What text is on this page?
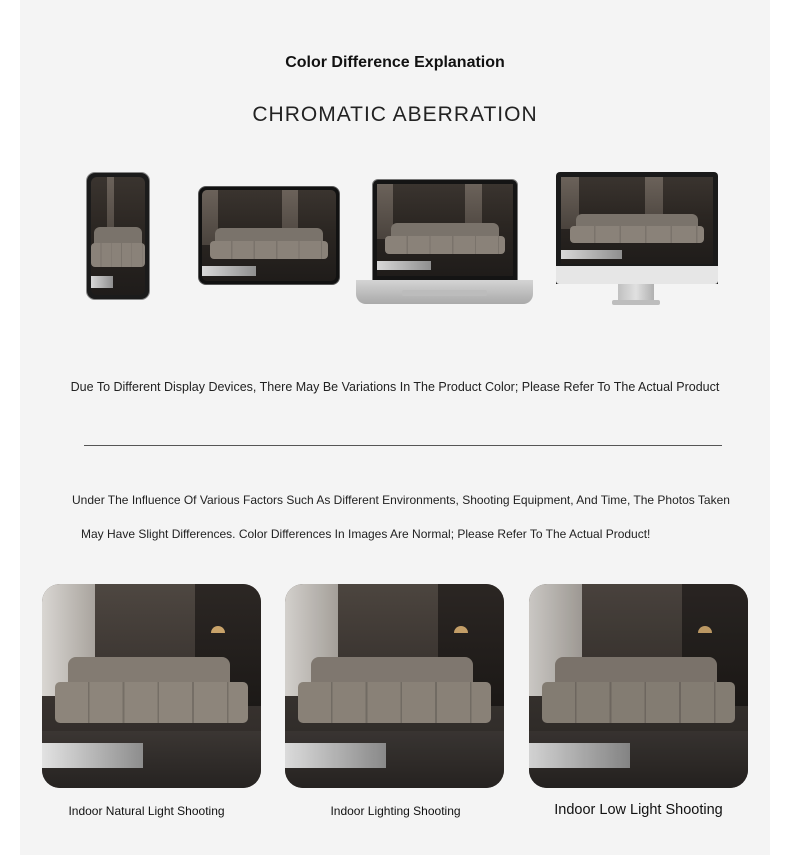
Color Difference Explanation
CHROMATIC ABERRATION
Due To Different Display Devices, There May Be Variations In The Product Color; Please Refer To The Actual Product
Under The Influence Of Various Factors Such As Different Environments, Shooting Equipment, And Time, The Photos Taken
May Have Slight Differences. Color Differences In Images Are Normal; Please Refer To The Actual Product!
Indoor Natural Light Shooting	Indoor Lighting Shooting	Indoor Low Light Shooting
